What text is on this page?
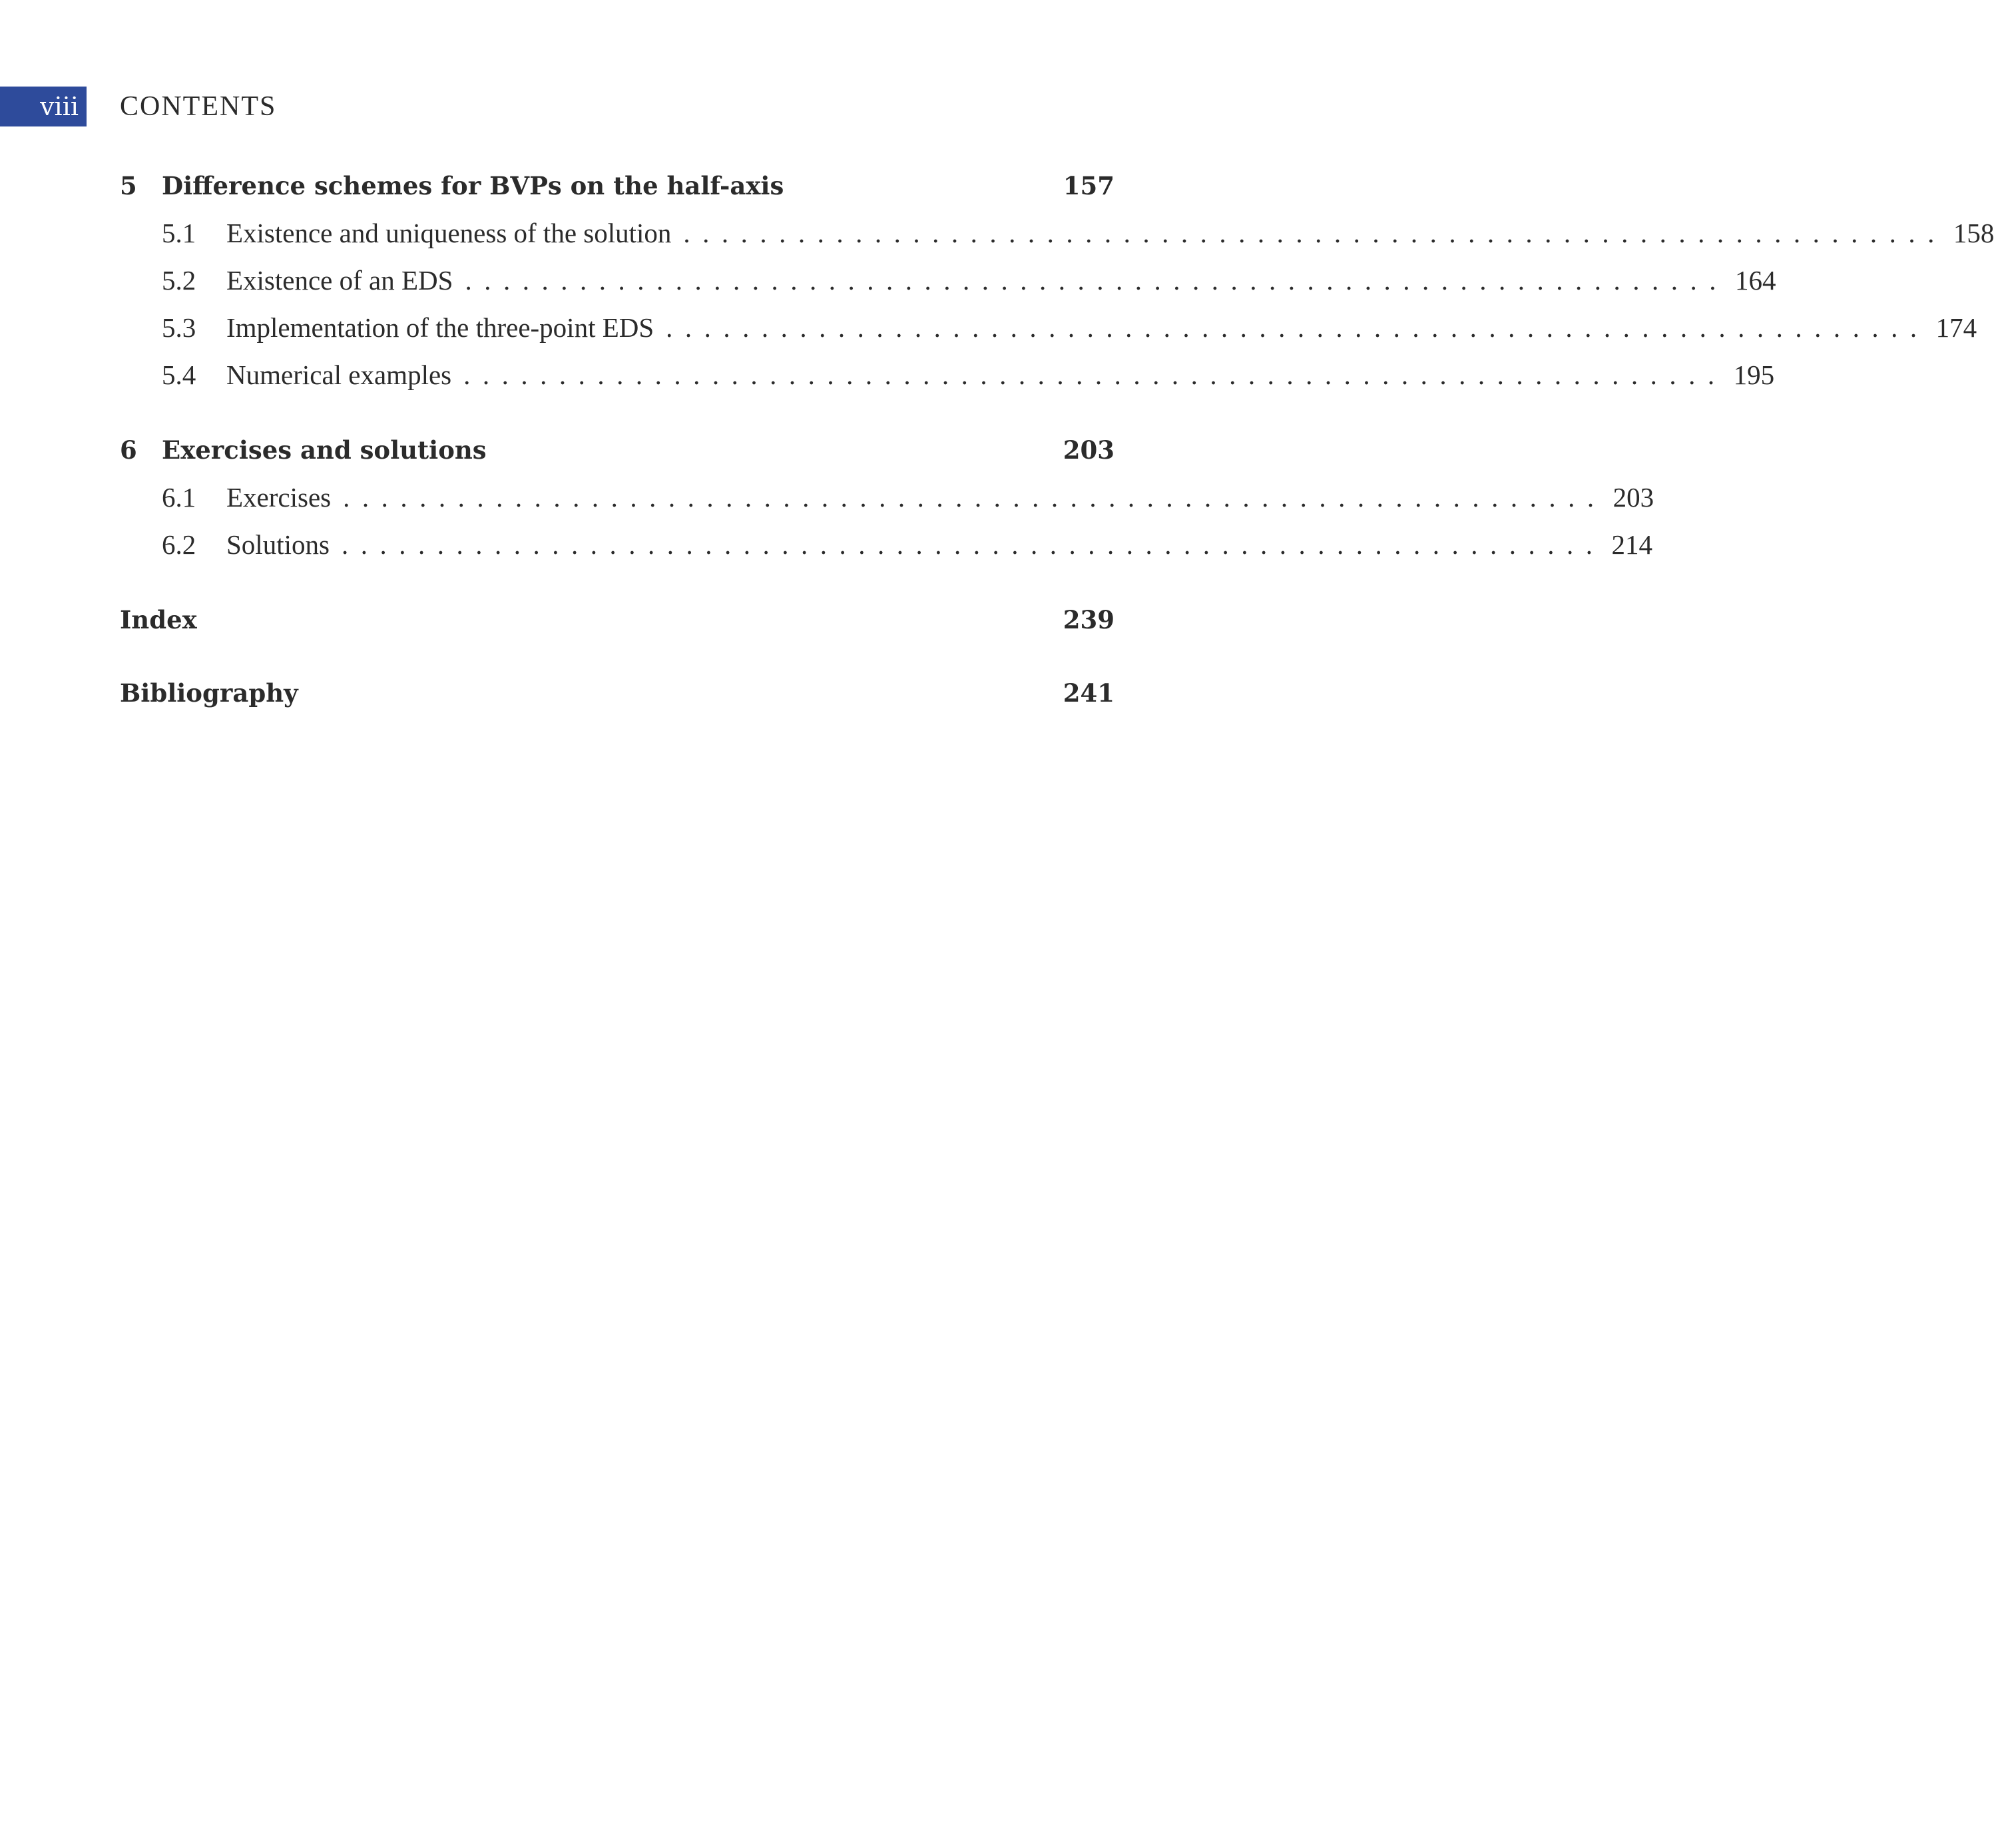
viii CONTENTS
5 Difference schemes for BVPs on the half-axis	157
5.1 Existence and uniqueness of the solution .................................................................. 158
5.2 Existence of an EDS .................................................................. 164
5.3 Implementation of the three-point EDS .................................................................. 174
5.4 Numerical examples .................................................................. 195
6 Exercises and solutions	203
6.1 Exercises .................................................................. 203
6.2 Solutions .................................................................. 214
Index	239
Bibliography	241
